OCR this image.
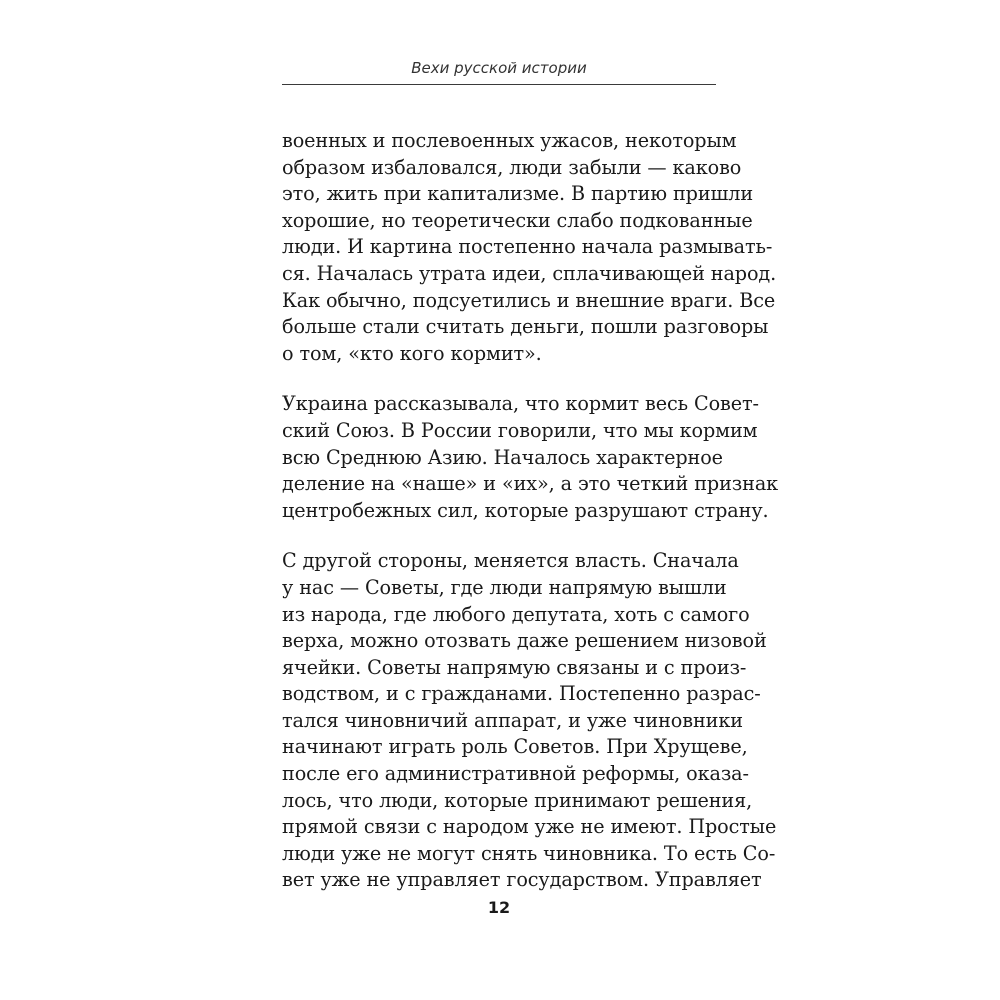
Вехи русской истории

военных и послевоенных ужасов, некоторым
образом избаловался, люди забыли — каково
это, жить при капитализме. В партию пришли
хорошие, но теоретически слабо подкованные
люди. И картина постепенно начала размывать-
ся. Началась утрата идеи, сплачивающей народ.
Как обычно, подсуетились и внешние враги. Все
больше стали считать деньги, пошли разговоры
о том, «кто кого кормит».

Украина рассказывала, что кормит весь Совет-
ский Союз. В России говорили, что мы кормим
всю Среднюю Азию. Началось характерное
деление на «наше» и «их», а это четкий признак
центробежных сил, которые разрушают страну.

С другой стороны, меняется власть. Сначала
у нас — Советы, где люди напрямую вышли
из народа, где любого депутата, хоть с самого
верха, можно отозвать даже решением низовой
ячейки. Советы напрямую связаны и с произ-
водством, и с гражданами. Постепенно разрас-
тался чиновничий аппарат, и уже чиновники
начинают играть роль Советов. При Хрущеве,
после его административной реформы, оказа-
лось, что люди, которые принимают решения,
прямой связи с народом уже не имеют. Простые
люди уже не могут снять чиновника. То есть Со-
вет уже не управляет государством. Управляет

12
